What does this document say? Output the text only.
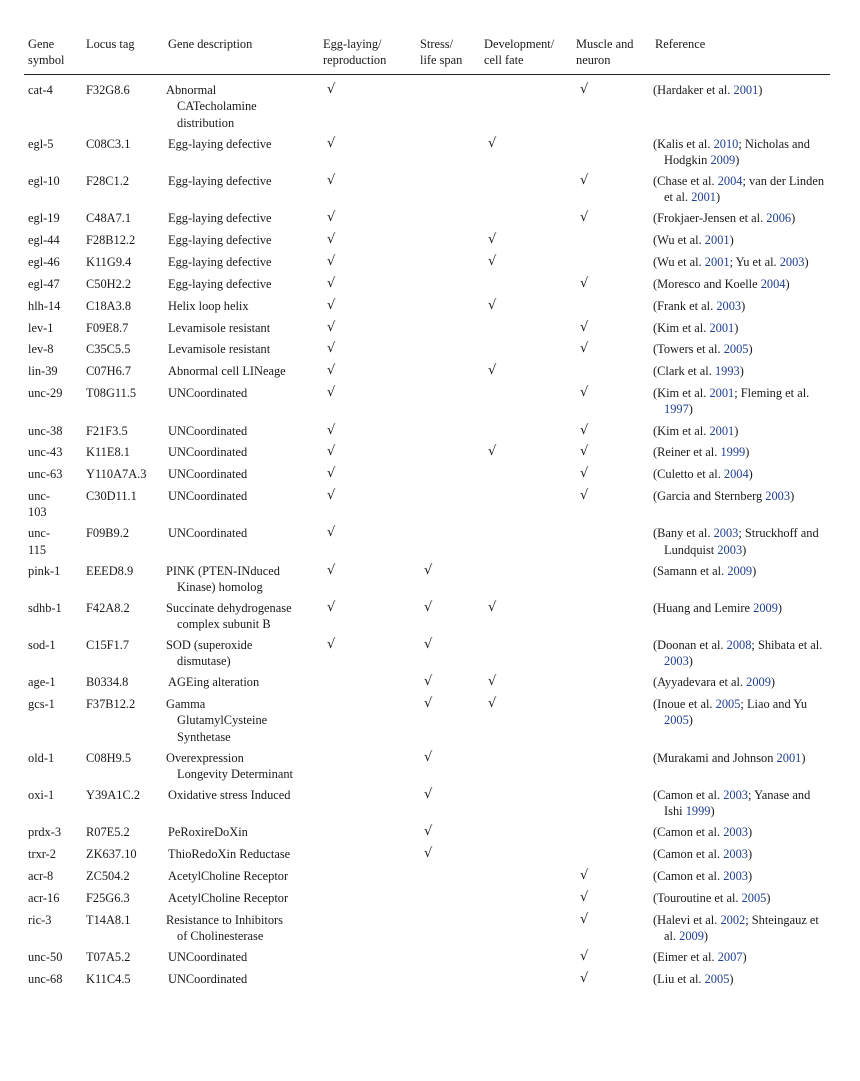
Gene
symbol	Locus tag	Gene description	Egg-laying/
reproduction	Stress/
life span	Development/
cell fate	Muscle and
neuron	Reference
cat-4	F32G8.6	Abnormal
CATecholamine
distribution	√			√	(Hardaker et al. 2001)
egl-5	C08C3.1	Egg-laying defective	√		√		(Kalis et al. 2010; Nicholas and Hodgkin 2009)
egl-10	F28C1.2	Egg-laying defective	√			√	(Chase et al. 2004; van der Linden et al. 2001)
egl-19	C48A7.1	Egg-laying defective	√			√	(Frokjaer-Jensen et al. 2006)
egl-44	F28B12.2	Egg-laying defective	√		√		(Wu et al. 2001)
egl-46	K11G9.4	Egg-laying defective	√		√		(Wu et al. 2001; Yu et al. 2003)
egl-47	C50H2.2	Egg-laying defective	√			√	(Moresco and Koelle 2004)
hlh-14	C18A3.8	Helix loop helix	√		√		(Frank et al. 2003)
lev-1	F09E8.7	Levamisole resistant	√			√	(Kim et al. 2001)
lev-8	C35C5.5	Levamisole resistant	√			√	(Towers et al. 2005)
lin-39	C07H6.7	Abnormal cell LINeage	√		√		(Clark et al. 1993)
unc-29	T08G11.5	UNCoordinated	√			√	(Kim et al. 2001; Fleming et al. 1997)
unc-38	F21F3.5	UNCoordinated	√			√	(Kim et al. 2001)
unc-43	K11E8.1	UNCoordinated	√		√	√	(Reiner et al. 1999)
unc-63	Y110A7A.3	UNCoordinated	√			√	(Culetto et al. 2004)
unc-
103	C30D11.1	UNCoordinated	√			√	(Garcia and Sternberg 2003)
unc-
115	F09B9.2	UNCoordinated	√				(Bany et al. 2003; Struckhoff and Lundquist 2003)
pink-1	EEED8.9	PINK (PTEN-INduced
Kinase) homolog	√	√			(Samann et al. 2009)
sdhb-1	F42A8.2	Succinate dehydrogenase
complex subunit B	√	√	√		(Huang and Lemire 2009)
sod-1	C15F1.7	SOD (superoxide
dismutase)	√	√			(Doonan et al. 2008; Shibata et al. 2003)
age-1	B0334.8	AGEing alteration		√	√		(Ayyadevara et al. 2009)
gcs-1	F37B12.2	Gamma
GlutamylCysteine
Synthetase		√	√		(Inoue et al. 2005; Liao and Yu 2005)
old-1	C08H9.5	Overexpression
Longevity Determinant		√			(Murakami and Johnson 2001)
oxi-1	Y39A1C.2	Oxidative stress Induced		√			(Camon et al. 2003; Yanase and Ishi 1999)
prdx-3	R07E5.2	PeRoxireDoXin		√			(Camon et al. 2003)
trxr-2	ZK637.10	ThioRedoXin Reductase		√			(Camon et al. 2003)
acr-8	ZC504.2	AcetylCholine Receptor				√	(Camon et al. 2003)
acr-16	F25G6.3	AcetylCholine Receptor				√	(Touroutine et al. 2005)
ric-3	T14A8.1	Resistance to Inhibitors
of Cholinesterase				√	(Halevi et al. 2002; Shteingauz et al. 2009)
unc-50	T07A5.2	UNCoordinated				√	(Eimer et al. 2007)
unc-68	K11C4.5	UNCoordinated				√	(Liu et al. 2005)
